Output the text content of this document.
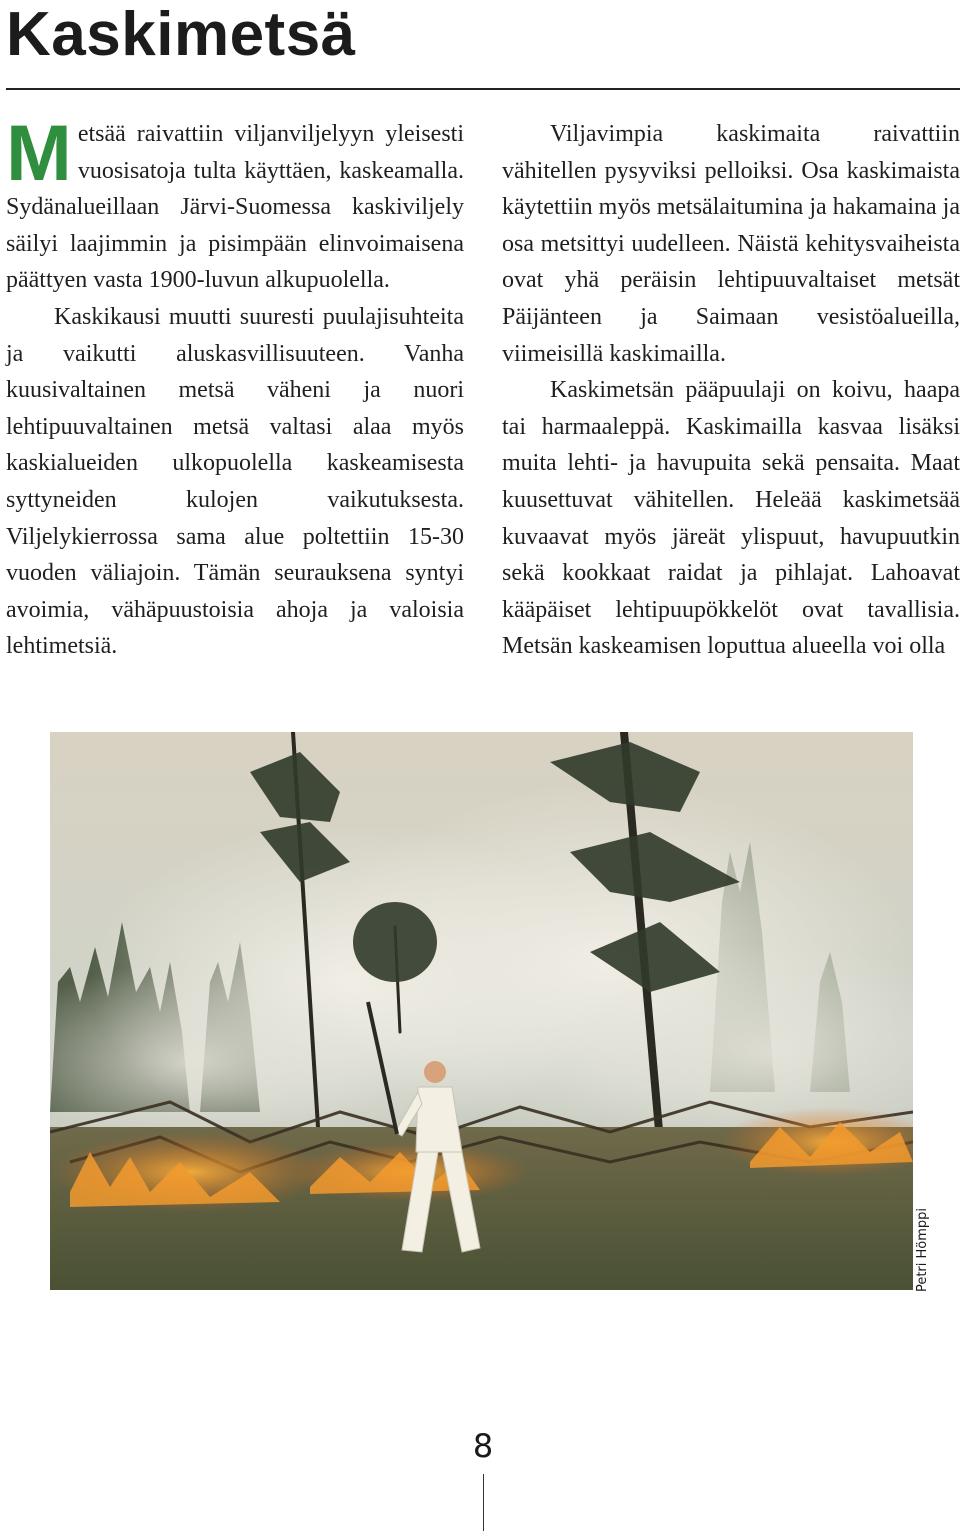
Kaskimetsä

Metsää raivattiin viljanviljelyyn yleisesti vuosisatoja tulta käyttäen, kaskeamalla. Sydänalueillaan Järvi-Suomessa kaskiviljely säilyi laajimmin ja pisimpään elinvoimaisena päättyen vasta 1900-luvun alkupuolella.

Kaskikausi muutti suuresti puulajisuhteita ja vaikutti aluskasvillisuuteen. Vanha kuusivaltainen metsä väheni ja nuori lehtipuuvaltainen metsä valtasi alaa myös kaskialueiden ulkopuolella kaskeamisesta syttyneiden kulojen vaikutuksesta. Viljelykierrossa sama alue poltettiin 15-30 vuoden väliajoin. Tämän seurauksena syntyi avoimia, vähäpuustoisia ahoja ja valoisia lehtimetsiä.

Viljavimpia kaskimaita raivattiin vähitellen pysyviksi pelloiksi. Osa kaskimaista käytettiin myös metsälaitumina ja hakamaina ja osa metsittyi uudelleen. Näistä kehitysvaiheista ovat yhä peräisin lehtipuuvaltaiset metsät Päijänteen ja Saimaan vesistöalueilla, viimeisillä kaskimailla.

Kaskimetsän pääpuulaji on koivu, haapa tai harmaaleppä. Kaskimailla kasvaa lisäksi muita lehti- ja havupuita sekä pensaita. Maat kuusettuvat vähitellen. Heleää kaskimetsää kuvaavat myös järeät ylispuut, havupuutkin sekä kookkaat raidat ja pihlajat. Lahoavat kääpäiset lehtipuupökkelöt ovat tavallisia. Metsän kaskeamisen loputtua alueella voi olla

Petri Hömppi
8
